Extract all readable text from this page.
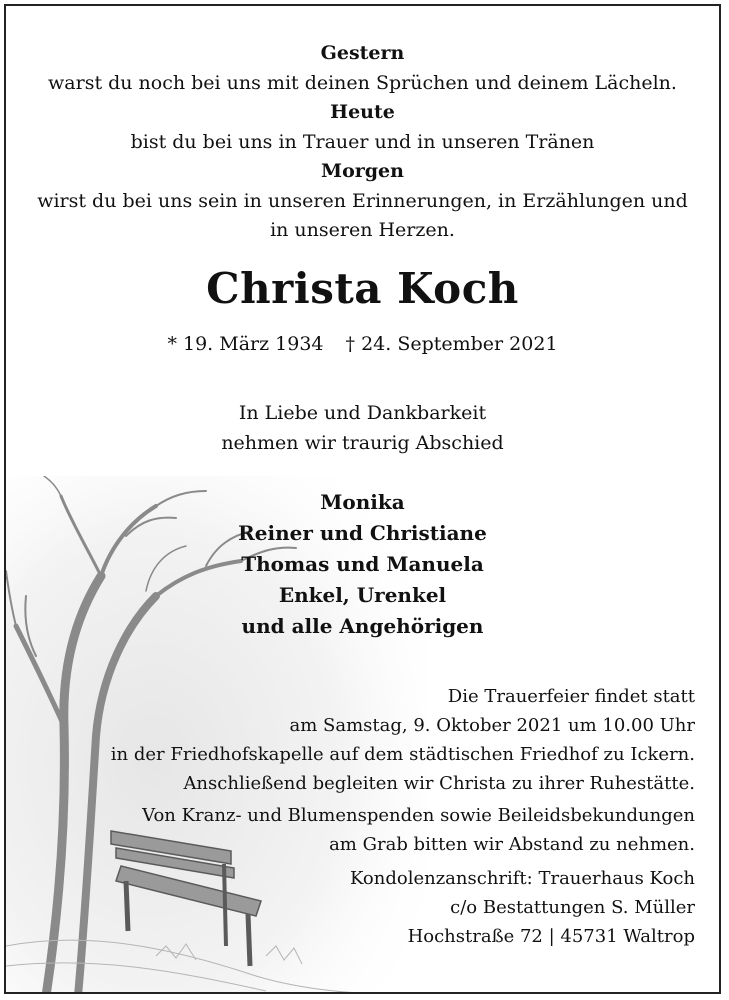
Gestern
warst du noch bei uns mit deinen Sprüchen und deinem Lächeln.
Heute
bist du bei uns in Trauer und in unseren Tränen
Morgen
wirst du bei uns sein in unseren Erinnerungen, in Erzählungen und
in unseren Herzen.
Christa Koch
* 19. März 1934 † 24. September 2021
In Liebe und Dankbarkeit
nehmen wir traurig Abschied
Monika
Reiner und Christiane
Thomas und Manuela
Enkel, Urenkel
und alle Angehörigen
Die Trauerfeier findet statt
am Samstag, 9. Oktober 2021 um 10.00 Uhr
in der Friedhofskapelle auf dem städtischen Friedhof zu Ickern.
Anschließend begleiten wir Christa zu ihrer Ruhestätte.
Von Kranz- und Blumenspenden sowie Beileidsbekundungen
am Grab bitten wir Abstand zu nehmen.
Kondolenzanschrift: Trauerhaus Koch
c/o Bestattungen S. Müller
Hochstraße 72 | 45731 Waltrop
